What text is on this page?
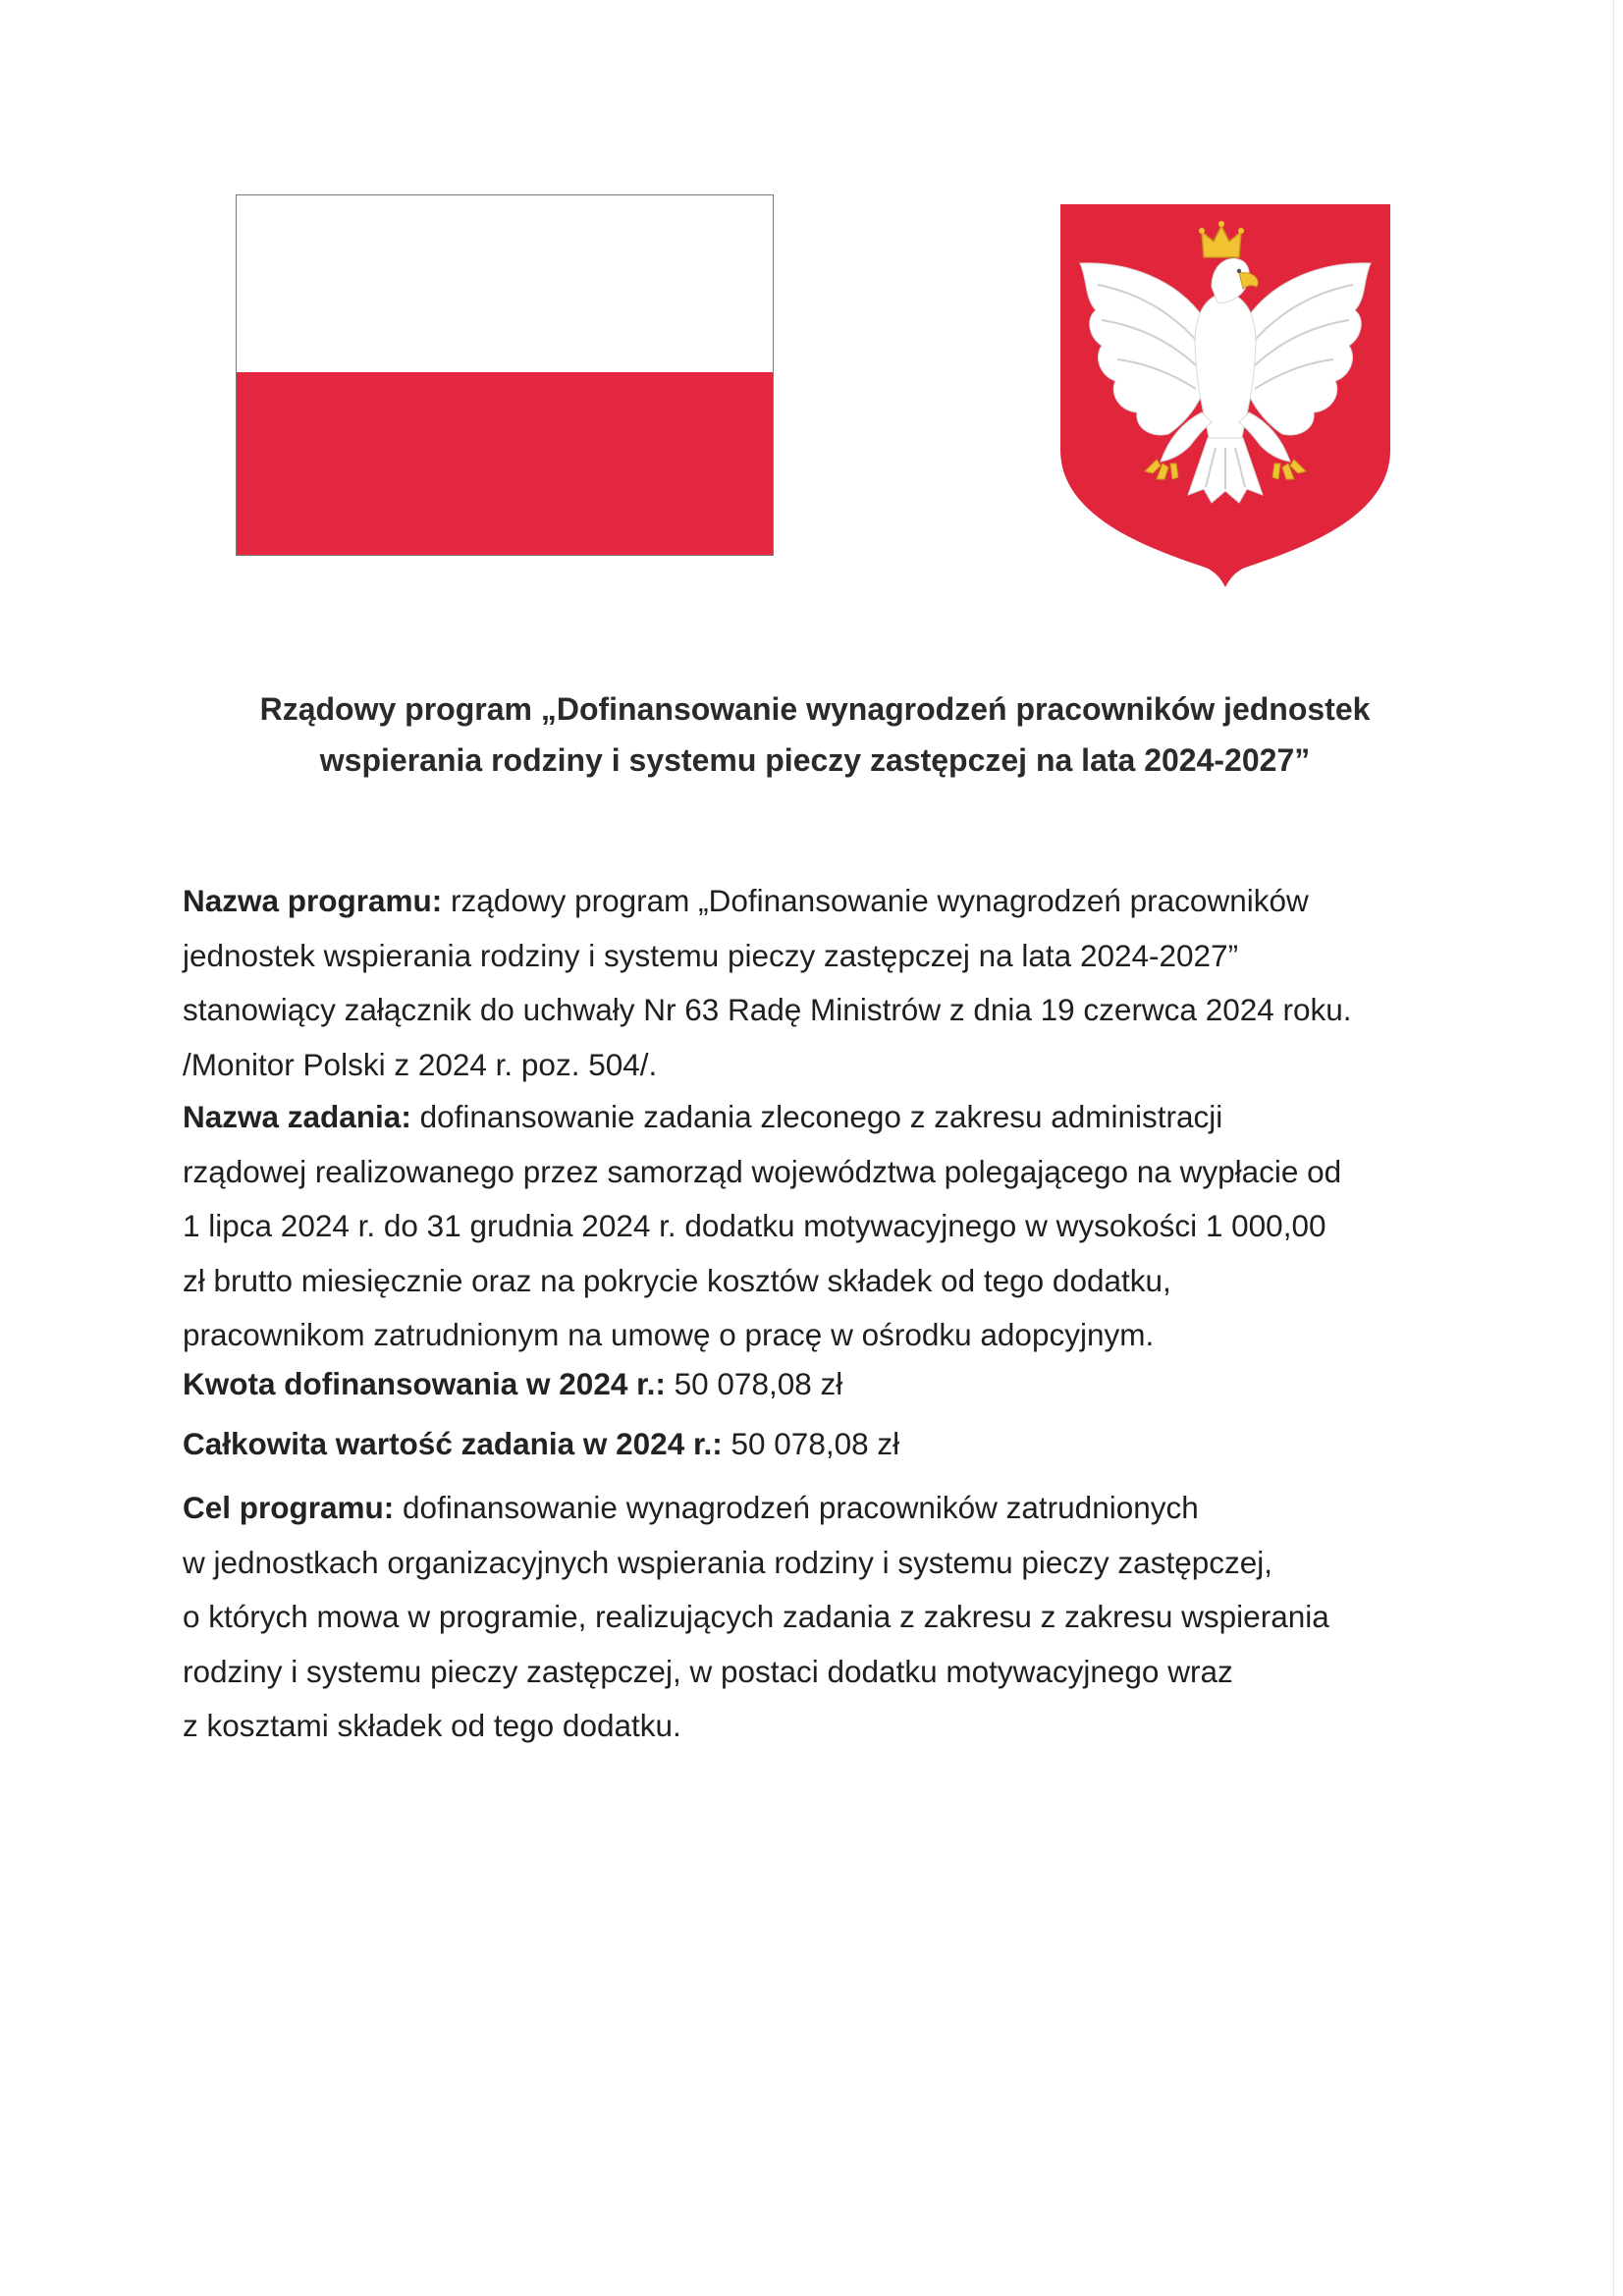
Rządowy program „Dofinansowanie wynagrodzeń pracowników jednostek
wspierania rodziny i systemu pieczy zastępczej na lata 2024-2027”
Nazwa programu: rządowy program „Dofinansowanie wynagrodzeń pracowników
jednostek wspierania rodziny i systemu pieczy zastępczej na lata 2024-2027”
stanowiący załącznik do uchwały Nr 63 Radę Ministrów z dnia 19 czerwca 2024 roku.
/Monitor Polski z 2024 r. poz. 504/.
Nazwa zadania: dofinansowanie zadania zleconego z zakresu administracji
rządowej realizowanego przez samorząd województwa polegającego na wypłacie od
1 lipca 2024 r. do 31 grudnia 2024 r. dodatku motywacyjnego w wysokości 1 000,00
zł brutto miesięcznie oraz na pokrycie kosztów składek od tego dodatku,
pracownikom zatrudnionym na umowę o pracę w ośrodku adopcyjnym.
Kwota dofinansowania w 2024 r.: 50 078,08 zł
Całkowita wartość zadania w 2024 r.: 50 078,08 zł
Cel programu: dofinansowanie wynagrodzeń pracowników zatrudnionych
w jednostkach organizacyjnych wspierania rodziny i systemu pieczy zastępczej,
o których mowa w programie, realizujących zadania z zakresu z zakresu wspierania
rodziny i systemu pieczy zastępczej, w postaci dodatku motywacyjnego wraz
z kosztami składek od tego dodatku.
